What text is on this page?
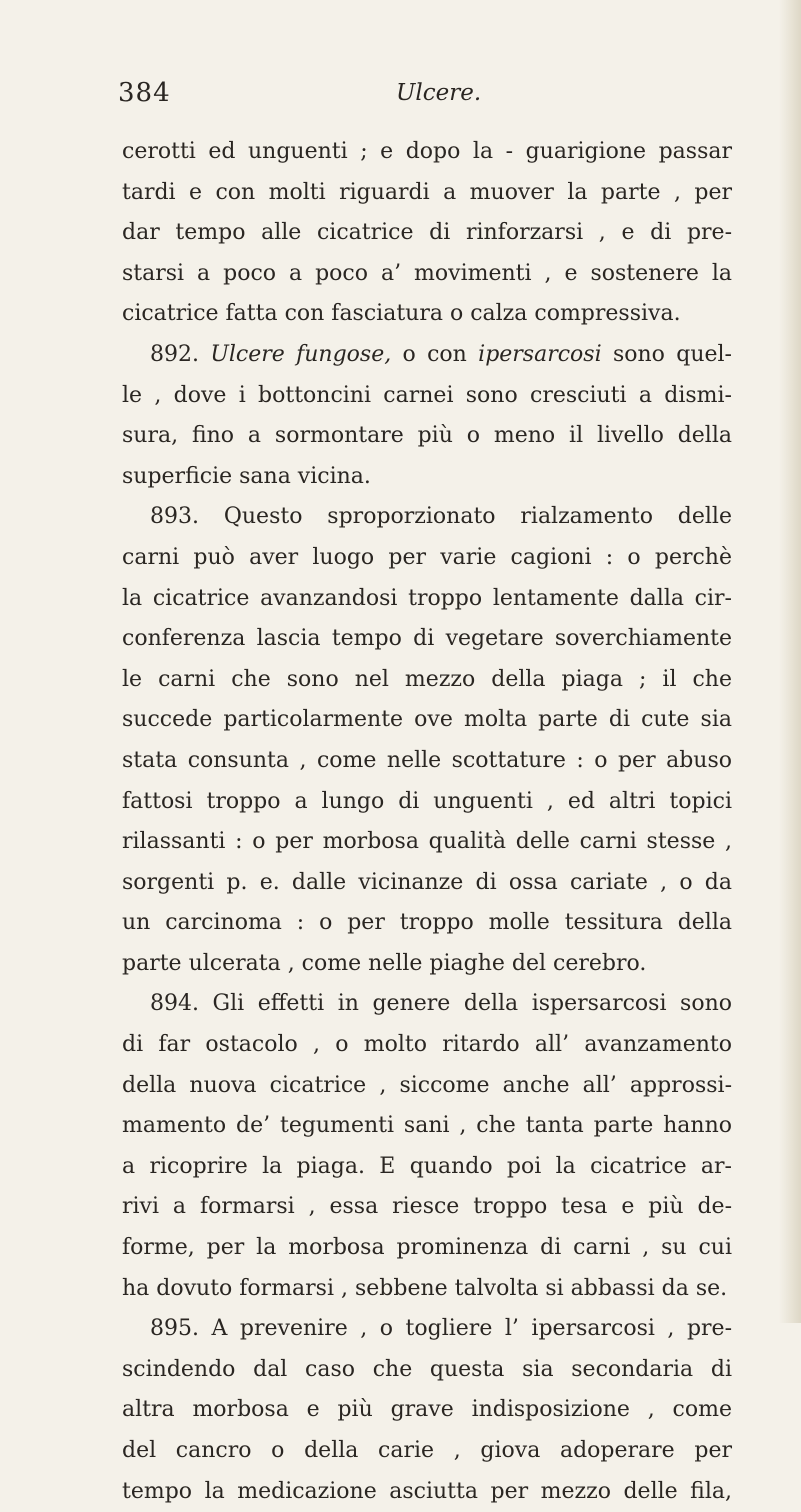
384	Ulcere.
cerotti ed unguenti ; e dopo la - guarigione passar
tardi e con molti riguardi a muover la parte , per
dar tempo alle cicatrice di rinforzarsi , e di pre-
starsi a poco a poco a’ movimenti , e sostenere la
cicatrice fatta con fasciatura o calza compressiva.
892. Ulcere fungose, o con ipersarcosi sono quel-
le , dove i bottoncini carnei sono cresciuti a dismi-
sura, fino a sormontare più o meno il livello della
superficie sana vicina.
893. Questo sproporzionato rialzamento delle
carni può aver luogo per varie cagioni : o perchè
la cicatrice avanzandosi troppo lentamente dalla cir-
conferenza lascia tempo di vegetare soverchiamente
le carni che sono nel mezzo della piaga ; il che
succede particolarmente ove molta parte di cute sia
stata consunta , come nelle scottature : o per abuso
fattosi troppo a lungo di unguenti , ed altri topici
rilassanti : o per morbosa qualità delle carni stesse ,
sorgenti p. e. dalle vicinanze di ossa cariate , o da
un carcinoma : o per troppo molle tessitura della
parte ulcerata , come nelle piaghe del cerebro.
894. Gli effetti in genere della ispersarcosi sono
di far ostacolo , o molto ritardo all’ avanzamento
della nuova cicatrice , siccome anche all’ approssi-
mamento de’ tegumenti sani , che tanta parte hanno
a ricoprire la piaga. E quando poi la cicatrice ar-
rivi a formarsi , essa riesce troppo tesa e più de-
forme, per la morbosa prominenza di carni , su cui
ha dovuto formarsi , sebbene talvolta si abbassi da se.
895. A prevenire , o togliere l’ ipersarcosi , pre-
scindendo dal caso che questa sia secondaria di
altra morbosa e più grave indisposizione , come
del cancro o della carie , giova adoperare per
tempo la medicazione asciutta per mezzo delle fila,
